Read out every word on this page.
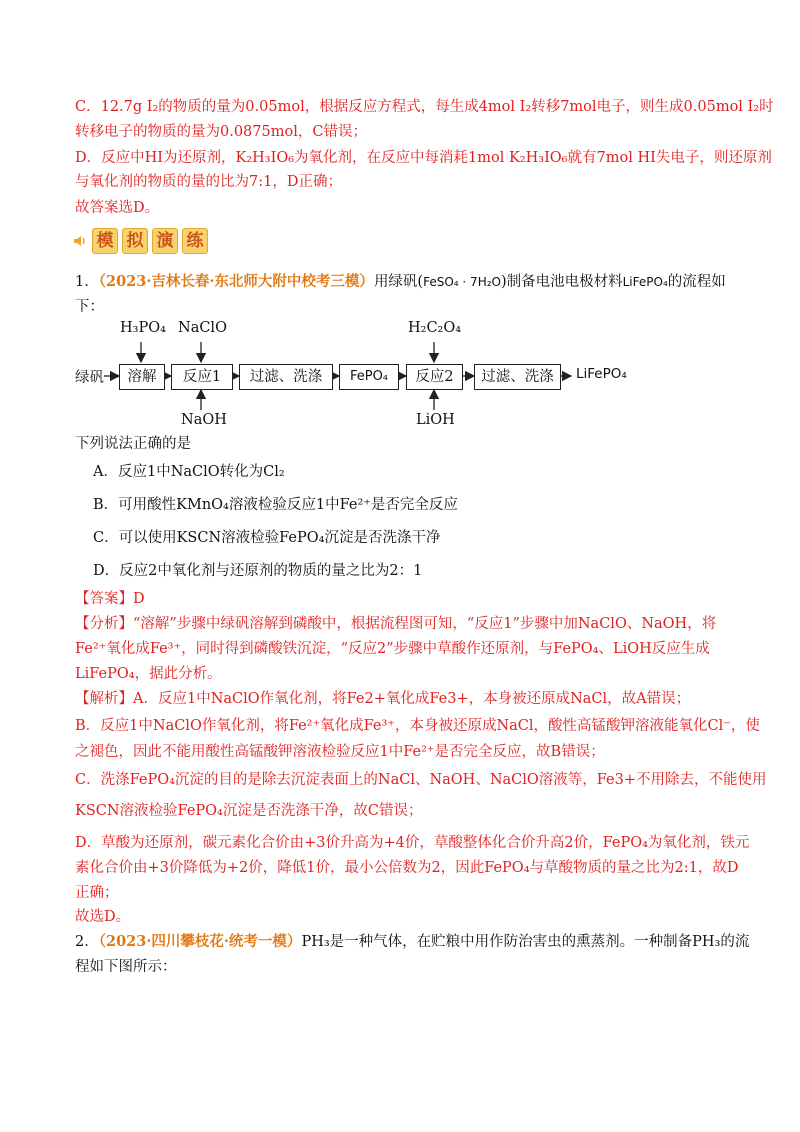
C．12.7g I₂的物质的量为0.05mol，根据反应方程式，每生成4mol I₂转移7mol电子，则生成0.05mol I₂时
转移电子的物质的量为0.0875mol，C错误；
D．反应中HI为还原剂，K₂H₃IO₆为氧化剂，在反应中每消耗1mol K₂H₃IO₆就有7mol HI失电子，则还原剂
与氧化剂的物质的量的比为7:1，D正确；
故答案选D。
模 拟 演 练
1．（2023·吉林长春·东北师大附中校考三模）用绿矾(FeSO₄ · 7H₂O)制备电池电极材料LiFePO₄的流程如
下：
绿矾	溶解	反应1	过滤、洗涤	FePO₄	反应2	过滤、洗涤	LiFePO₄
H₃PO₄ NaClO
NaOH
H₂C₂O₄
LiOH
下列说法正确的是
A．反应1中NaClO转化为Cl₂
B．可用酸性KMnO₄溶液检验反应1中Fe²⁺是否完全反应
C．可以使用KSCN溶液检验FePO₄沉淀是否洗涤干净
D．反应2中氧化剂与还原剂的物质的量之比为2：1
【答案】D
【分析】“溶解”步骤中绿矾溶解到磷酸中，根据流程图可知，“反应1”步骤中加NaClO、NaOH，将
Fe²⁺氧化成Fe³⁺，同时得到磷酸铁沉淀，“反应2”步骤中草酸作还原剂，与FePO₄、LiOH反应生成
LiFePO₄，据此分析。
【解析】A．反应1中NaClO作氧化剂，将Fe2+氧化成Fe3+，本身被还原成NaCl，故A错误；
B．反应1中NaClO作氧化剂，将Fe²⁺氧化成Fe³⁺，本身被还原成NaCl，酸性高锰酸钾溶液能氧化Cl⁻，使
之褪色，因此不能用酸性高锰酸钾溶液检验反应1中Fe²⁺是否完全反应，故B错误；
C．洗涤FePO₄沉淀的目的是除去沉淀表面上的NaCl、NaOH、NaClO溶液等，Fe3+不用除去，不能使用
KSCN溶液检验FePO₄沉淀是否洗涤干净，故C错误；
D．草酸为还原剂，碳元素化合价由+3价升高为+4价，草酸整体化合价升高2价，FePO₄为氧化剂，铁元
素化合价由+3价降低为+2价，降低1价，最小公倍数为2，因此FePO₄与草酸物质的量之比为2:1，故D
正确；
故选D。
2．（2023·四川攀枝花·统考一模）PH₃是一种气体，在贮粮中用作防治害虫的熏蒸剂。一种制备PH₃的流
程如下图所示：
